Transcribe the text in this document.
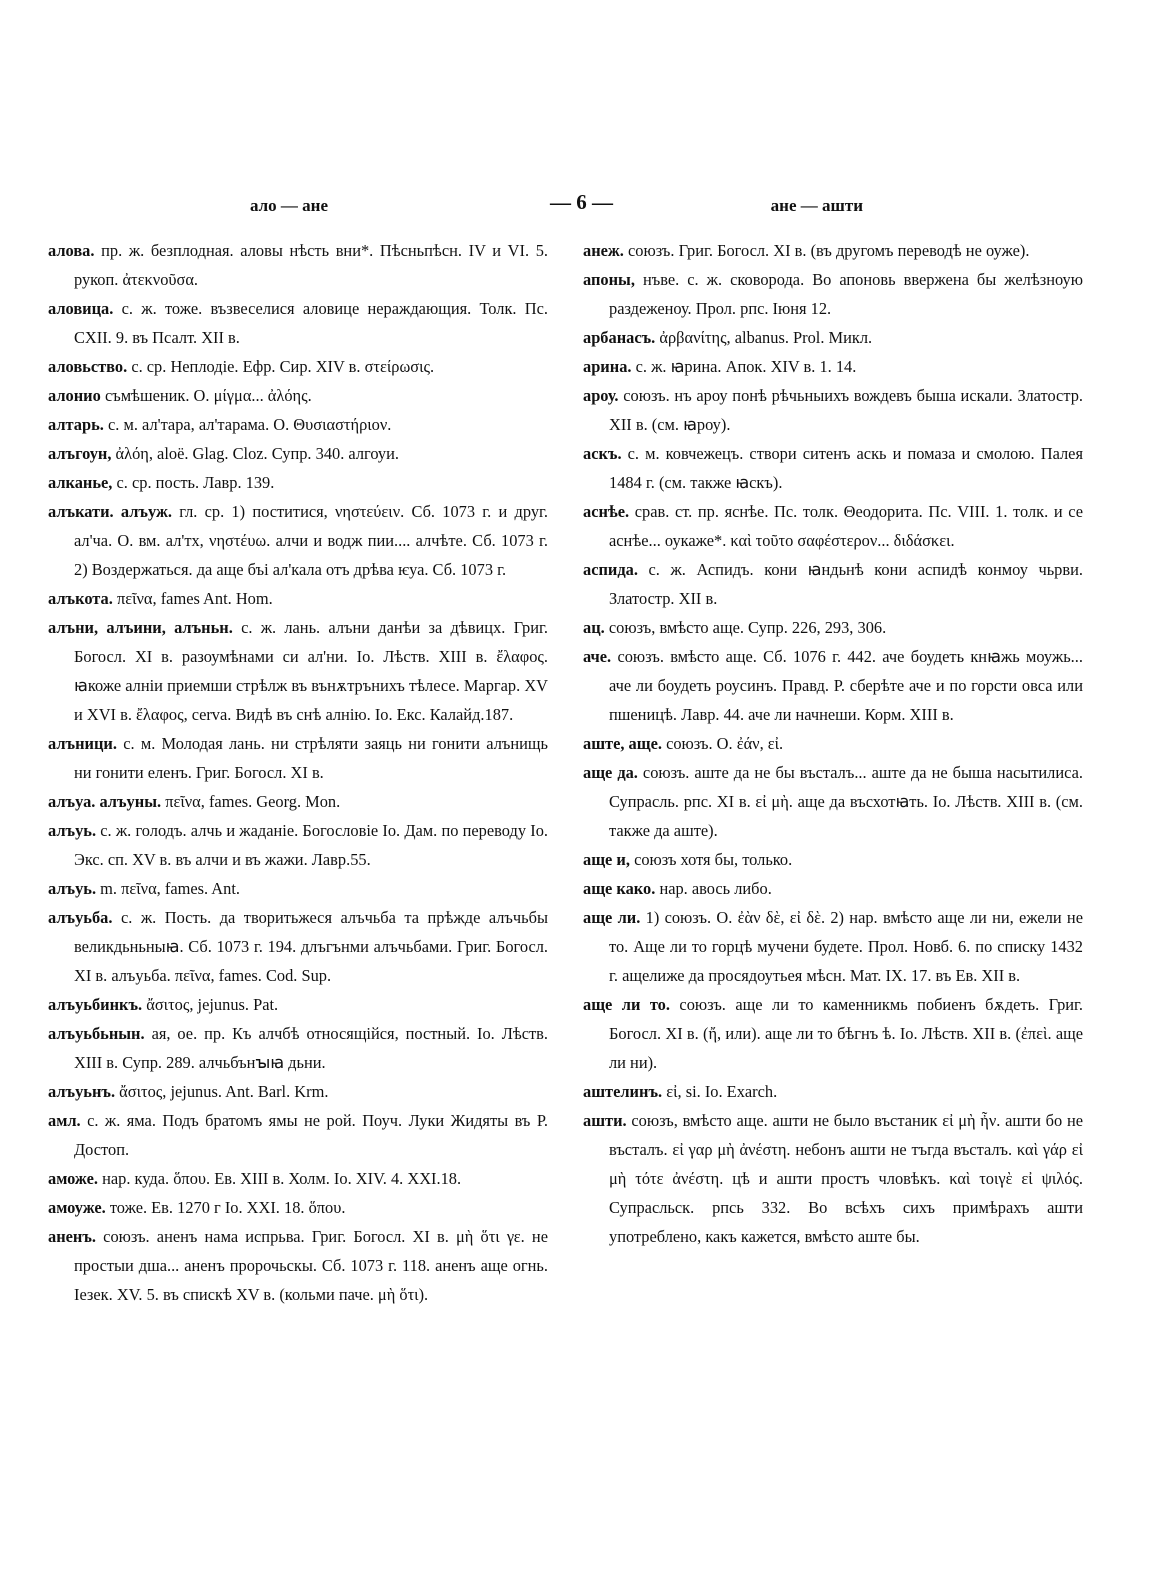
ало — ане	— 6 —	ане — ашти

алова. пр. ж. безплодная. аловы нѣсть вни*. Пѣсньпѣсн. IV и VI. 5. рукоп. ἀτεκνοῦσα.

аловица. с. ж. тоже. възвеселися аловице нераждающия. Толк. Пс. CXII. 9. въ Псалт. XII в.

аловьство. с. ср. Неплодіе. Ефр. Сир. XIV в. στείρωσις.

алонио съмѣшеник. О. μίγμα... ἀλόης.

алтарь. с. м. ал'тара, ал'тарама. О. Θυσιαστήριον.

алъгоун, ἀλόη, aloë. Glag. Cloz. Супр. 340. алгоуи.

алканье, с. ср. пость. Лавр. 139.

алъкати. алъуж. гл. ср. 1) поститися, νηστεύειν. Сб. 1073 г. и друг. ал'ча. О. вм. ал'тх, νηστέυω. алчи и водж пии.... алчѣте. Сб. 1073 г. 2) Воздержаться. да аще бъі ал'кала отъ дрѣва ѥуа. Сб. 1073 г.

алъкота. πεῖνα, fames Ant. Hom.

алъни, алъини, алъньн. с. ж. лань. алъни данѣи за дѣвицх. Григ. Богосл. XI в. разоумѣнами си ал'ни. Іо. Лѣств. XIII в. ἔλαφος. ꙗкоже алніи приемши стрѣлж въ вънѫтрънихъ тѣлесе. Маргар. XV и XVI в. ἔλαφος, cerva. Видѣ въ снѣ алнію. Іо. Екс. Калайд.187.

алъници. с. м. Молодая лань. ни стрѣляти заяць ни гонити алънищь ни гонити еленъ. Григ. Богосл. XI в.

алъуа. алъуны. πεῖνα, fames. Georg. Mon.

алъуь. с. ж. голодъ. алчь и жаданіе. Богословіе Іо. Дам. по переводу Іо. Экс. сп. XV в. въ алчи и въ жажи. Лавр.55.

алъуь. m. πεῖνα, fames. Ant.

алъуьба. с. ж. Пость. да творитьжеся алъчьба та прѣжде алъчьбы великдьньныꙗ. Сб. 1073 г. 194. длъгънми алъчьбами. Григ. Богосл. XI в. алъуьба. πεῖνα, fames. Cod. Sup.

алъуьбинкъ. ἄσιτος, jejunus. Pat.

алъуьбьнын. ая, ое. пр. Къ алчбѣ относящійся, постный. Іо. Лѣств. XIII в. Супр. 289. алчьбънꙑꙗ дьни.

алъуьнъ. ἄσιτος, jejunus. Ant. Barl. Krm.

амл. с. ж. яма. Подъ братомъ ямы не рой. Поуч. Луки Жидяты въ Р. Достоп.

аможе. нар. куда. ὅπου. Ев. XIII в. Холм. Іо. XIV. 4. XXI.18.

амоуже. тоже. Ев. 1270 г Іо. XXI. 18. ὅπου.

аненъ. союзъ. аненъ нама испрьва. Григ. Богосл. XI в. μὴ ὅτι γε. не простыи дша... аненъ пророчьскы. Сб. 1073 г. 118. аненъ аще огнь. Іезек. XV. 5. въ спискѣ XV в. (кольми паче. μὴ ὅτι).

анеж. союзъ. Григ. Богосл. XI в. (въ другомъ переводѣ не оуже).

апоны, нъве. с. ж. сковорода. Во апоновь ввержена бы желѣзноую раздеженоу. Прол. рпс. Іюня 12.

арбанасъ. ἀρβανίτης, albanus. Prol. Микл.

арина. с. ж. ꙗрина. Апок. XIV в. 1. 14.

ароу. союзъ. нъ ароу понѣ рѣчьныихъ вождевъ быша искали. Златостр. XII в. (см. ꙗроу).

аскъ. с. м. ковчежецъ. створи ситенъ аскь и помаза и смолою. Палея 1484 г. (см. также ꙗскъ).

аснѣе. срав. ст. пр. яснѣе. Пс. толк. Θеодорита. Пс. VIII. 1. толк. и се аснѣе... оукаже*. καὶ τοῦτο σαφέστερον... διδάσκει.

аспида. с. ж. Аспидъ. кони ꙗндьнѣ кони аспидѣ конмоу чьрви. Златостр. XII в.

ац. союзъ, вмѣсто аще. Супр. 226, 293, 306.

аче. союзъ. вмѣсто аще. Сб. 1076 г. 442. аче боудеть кнꙗжь моужь... аче ли боудеть роусинъ. Правд. Р. сберѣте аче и по горсти овса или пшеницѣ. Лавр. 44. аче ли начнеши. Корм. XIII в.

аште, аще. союзъ. О. ἐάν, εἰ.

аще да. союзъ. аште да не бы въсталъ... аште да не быша насытилиса. Супрасль. рпс. XI в. εἰ μὴ. аще да въсхотꙗть. Іо. Лѣств. XIII в. (см. также да аште).

аще и, союзъ хотя бы, только.

аще како. нар. авось либо.

аще ли. 1) союзъ. О. ἐὰν δὲ, εἰ δὲ. 2) нар. вмѣсто аще ли ни, ежели не то. Аще ли то горцѣ мучени будете. Прол. Новб. 6. по списку 1432 г. ащелиже да просядоутьея мѣсн. Мат. IX. 17. въ Ев. XII в.

аще ли то. союзъ. аще ли то каменникмь побиенъ бѫдеть. Григ. Богосл. XI в. (ἤ, или). аще ли то бѣгнъ ѣ. Іо. Лѣств. XII в. (ἐπεὶ. аще ли ни).

аштелинъ. εἰ, si. Іо. Exarch.

ашти. союзъ, вмѣсто аще. ашти не было въстаник εἰ μὴ ἦν. ашти бо не въсталъ. εἰ γαρ μὴ ἀνέστη. небонъ ашти не тъгда въсталъ. καὶ γάρ εἰ μὴ τότε ἀνέστη. цѣ и ашти простъ чловѣкъ. καὶ τοιγὲ εἰ ψιλός. Супрасльск. рпсь 332. Во всѣхъ сихъ примѣрахъ ашти употреблено, какъ кажется, вмѣсто аште бы.
